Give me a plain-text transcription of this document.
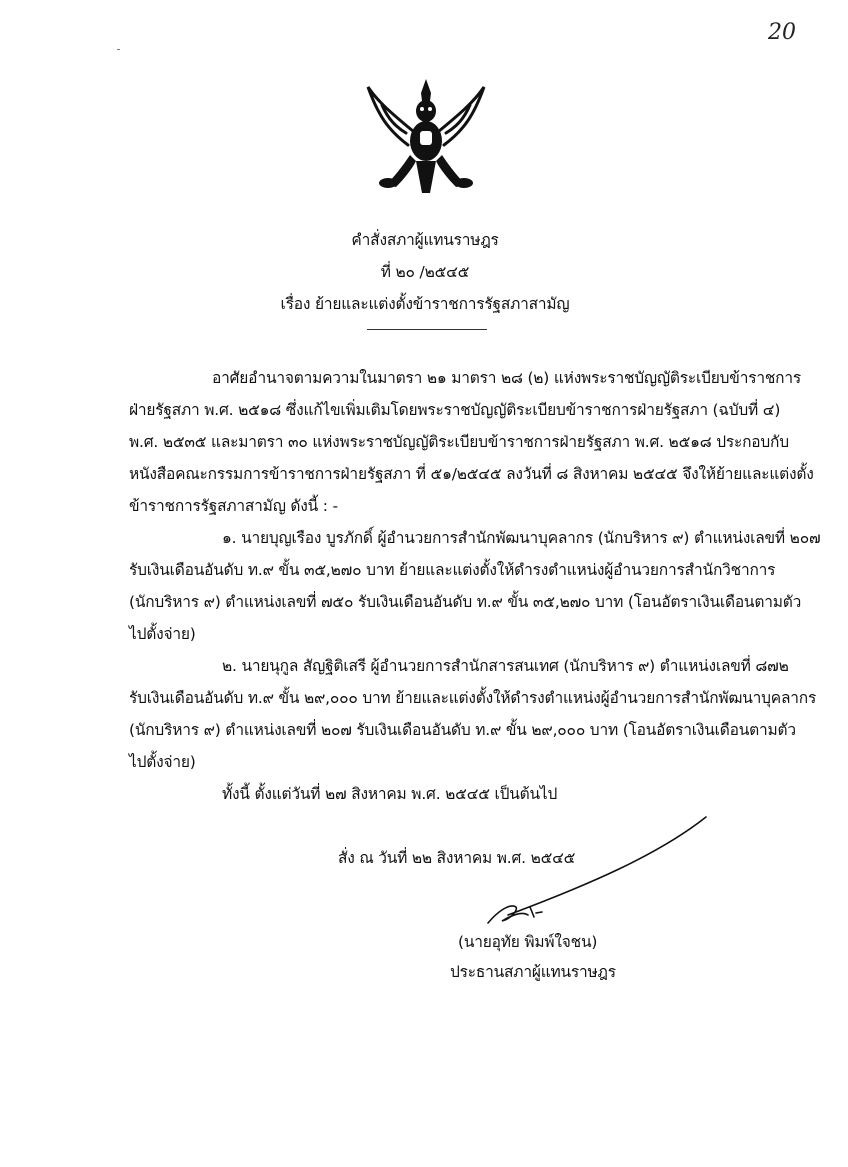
20
คำสั่งสภาผู้แทนราษฎร
ที่ ๒๐ /๒๕๔๕
เรื่อง ย้ายและแต่งตั้งข้าราชการรัฐสภาสามัญ
อาศัยอำนาจตามความในมาตรา ๒๑ มาตรา ๒๘ (๒) แห่งพระราชบัญญัติระเบียบข้าราชการ
ฝ่ายรัฐสภา พ.ศ. ๒๕๑๘ ซึ่งแก้ไขเพิ่มเติมโดยพระราชบัญญัติระเบียบข้าราชการฝ่ายรัฐสภา (ฉบับที่ ๔)
พ.ศ. ๒๕๓๕ และมาตรา ๓๐ แห่งพระราชบัญญัติระเบียบข้าราชการฝ่ายรัฐสภา พ.ศ. ๒๕๑๘ ประกอบกับ
หนังสือคณะกรรมการข้าราชการฝ่ายรัฐสภา ที่ ๕๑/๒๕๔๕ ลงวันที่ ๘ สิงหาคม ๒๕๔๕ จึงให้ย้ายและแต่งตั้ง
ข้าราชการรัฐสภาสามัญ ดังนี้ : -
๑. นายบุญเรือง บูรภักดิ์ ผู้อำนวยการสำนักพัฒนาบุคลากร (นักบริหาร ๙) ตำแหน่งเลขที่ ๒๐๗
รับเงินเดือนอันดับ ท.๙ ขั้น ๓๕,๒๗๐ บาท ย้ายและแต่งตั้งให้ดำรงตำแหน่งผู้อำนวยการสำนักวิชาการ
(นักบริหาร ๙) ตำแหน่งเลขที่ ๗๕๐ รับเงินเดือนอันดับ ท.๙ ขั้น ๓๕,๒๗๐ บาท (โอนอัตราเงินเดือนตามตัว
ไปตั้งจ่าย)
๒. นายนุกูล สัญฐิติเสรี ผู้อำนวยการสำนักสารสนเทศ (นักบริหาร ๙) ตำแหน่งเลขที่ ๘๗๒
รับเงินเดือนอันดับ ท.๙ ขั้น ๒๙,๐๐๐ บาท ย้ายและแต่งตั้งให้ดำรงตำแหน่งผู้อำนวยการสำนักพัฒนาบุคลากร
(นักบริหาร ๙) ตำแหน่งเลขที่ ๒๐๗ รับเงินเดือนอันดับ ท.๙ ขั้น ๒๙,๐๐๐ บาท (โอนอัตราเงินเดือนตามตัว
ไปตั้งจ่าย)
ทั้งนี้ ตั้งแต่วันที่ ๒๗ สิงหาคม พ.ศ. ๒๕๔๕ เป็นต้นไป
สั่ง ณ วันที่ ๒๒ สิงหาคม พ.ศ. ๒๕๔๕
(นายอุทัย พิมพ์ใจชน)
ประธานสภาผู้แทนราษฎร
